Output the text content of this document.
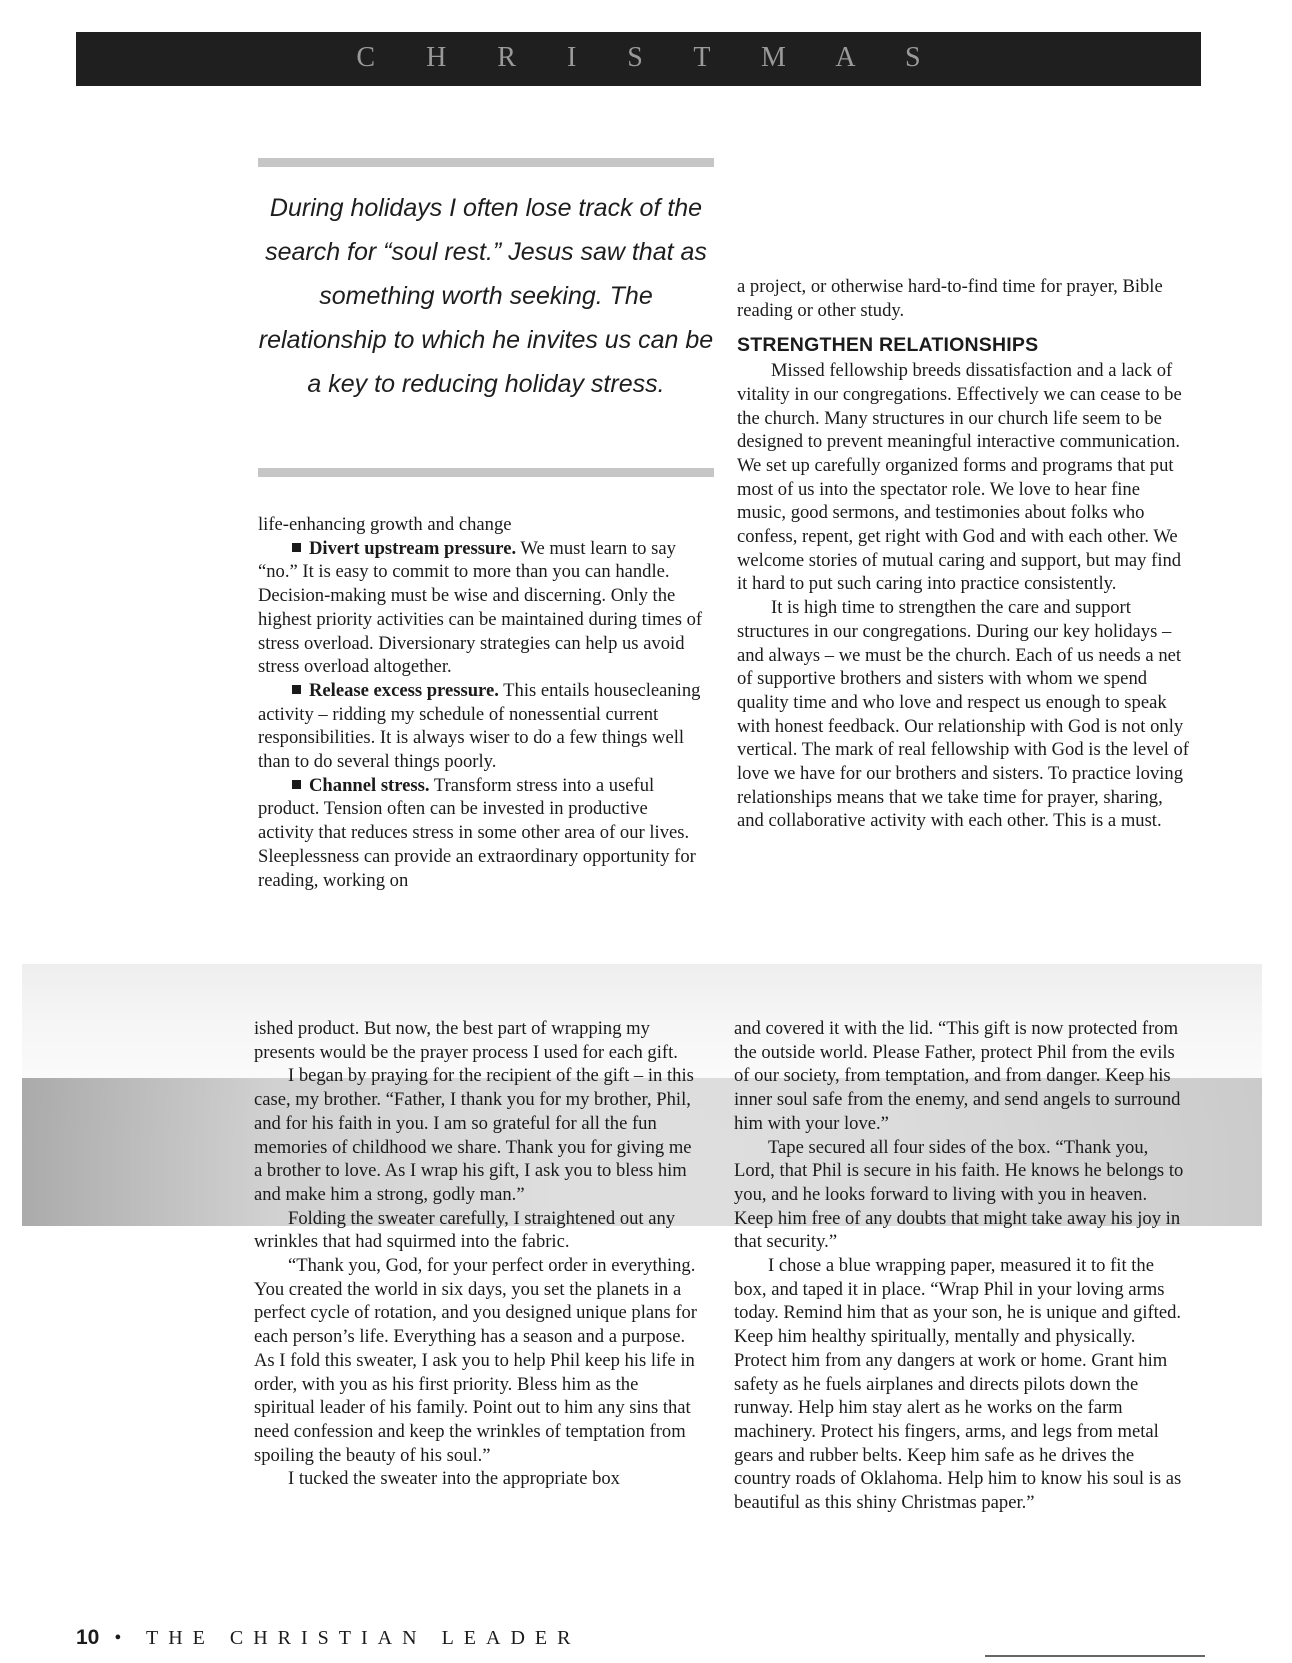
C H R I S T M A S
During holidays I often lose track of the search for “soul rest.” Jesus saw that as something worth seeking. The relationship to which he invites us can be a key to reducing holiday stress.

life-enhancing growth and change

Divert upstream pressure. We must learn to say “no.” It is easy to commit to more than you can handle. Decision-making must be wise and discerning. Only the highest priority activities can be maintained during times of stress overload. Diversionary strategies can help us avoid stress overload altogether.

Release excess pressure. This entails housecleaning activity – ridding my schedule of nonessential current responsibilities. It is always wiser to do a few things well than to do several things poorly.

Channel stress. Transform stress into a useful product. Tension often can be invested in productive activity that reduces stress in some other area of our lives. Sleeplessness can provide an extraordinary opportunity for reading, working on

a project, or otherwise hard-to-find time for prayer, Bible reading or other study.

STRENGTHEN RELATIONSHIPS

Missed fellowship breeds dissatisfaction and a lack of vitality in our congregations. Effectively we can cease to be the church. Many structures in our church life seem to be designed to prevent meaningful interactive communication. We set up carefully organized forms and programs that put most of us into the spectator role. We love to hear fine music, good sermons, and testimonies about folks who confess, repent, get right with God and with each other. We welcome stories of mutual caring and support, but may find it hard to put such caring into practice consistently.

It is high time to strengthen the care and support structures in our congregations. During our key holidays – and always – we must be the church. Each of us needs a net of supportive brothers and sisters with whom we spend quality time and who love and respect us enough to speak with honest feedback. Our relationship with God is not only vertical. The mark of real fellowship with God is the level of love we have for our brothers and sisters. To practice loving relationships means that we take time for prayer, sharing, and collaborative activity with each other. This is a must.

ished product. But now, the best part of wrapping my presents would be the prayer process I used for each gift.

I began by praying for the recipient of the gift – in this case, my brother. “Father, I thank you for my brother, Phil, and for his faith in you. I am so grateful for all the fun memories of childhood we share. Thank you for giving me a brother to love. As I wrap his gift, I ask you to bless him and make him a strong, godly man.”

Folding the sweater carefully, I straightened out any wrinkles that had squirmed into the fabric.

“Thank you, God, for your perfect order in everything. You created the world in six days, you set the planets in a perfect cycle of rotation, and you designed unique plans for each person’s life. Everything has a season and a purpose. As I fold this sweater, I ask you to help Phil keep his life in order, with you as his first priority. Bless him as the spiritual leader of his family. Point out to him any sins that need confession and keep the wrinkles of temptation from spoiling the beauty of his soul.”

I tucked the sweater into the appropriate box

and covered it with the lid. “This gift is now protected from the outside world. Please Father, protect Phil from the evils of our society, from temptation, and from danger. Keep his inner soul safe from the enemy, and send angels to surround him with your love.”

Tape secured all four sides of the box. “Thank you, Lord, that Phil is secure in his faith. He knows he belongs to you, and he looks forward to living with you in heaven. Keep him free of any doubts that might take away his joy in that security.”

I chose a blue wrapping paper, measured it to fit the box, and taped it in place. “Wrap Phil in your loving arms today. Remind him that as your son, he is unique and gifted. Keep him healthy spiritually, mentally and physically. Protect him from any dangers at work or home. Grant him safety as he fuels airplanes and directs pilots down the runway. Help him stay alert as he works on the farm machinery. Protect his fingers, arms, and legs from metal gears and rubber belts. Keep him safe as he drives the country roads of Oklahoma. Help him to know his soul is as beautiful as this shiny Christmas paper.”

10 • THE CHRISTIAN LEADER
